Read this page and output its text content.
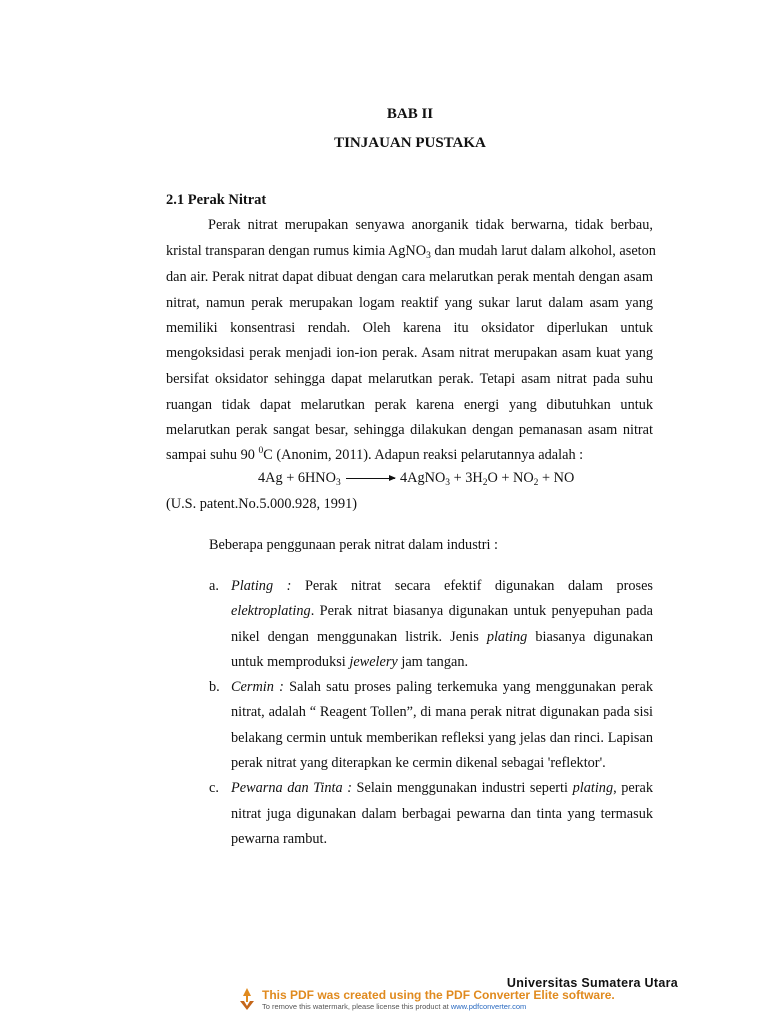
BAB II
TINJAUAN PUSTAKA
2.1 Perak Nitrat
Perak nitrat merupakan senyawa anorganik tidak berwarna, tidak berbau,
kristal transparan dengan rumus kimia AgNO$_3$ dan mudah larut dalam alkohol, aseton
dan air. Perak nitrat dapat dibuat dengan cara melarutkan perak mentah dengan asam
nitrat, namun perak merupakan logam reaktif yang sukar larut dalam asam yang
memiliki konsentrasi rendah. Oleh karena itu oksidator diperlukan untuk
mengoksidasi perak menjadi ion-ion perak. Asam nitrat merupakan asam kuat yang
bersifat oksidator sehingga dapat melarutkan perak. Tetapi asam nitrat pada suhu
ruangan tidak dapat melarutkan perak karena energi yang dibutuhkan untuk
melarutkan perak sangat besar, sehingga dilakukan dengan pemanasan asam nitrat
sampai suhu 90 $^0$C (Anonim, 2011). Adapun reaksi pelarutannya adalah :
$4Ag + 6HNO_3$ → 4AgNO$_3$ + $3H_2O + NO_2$ + NO
(U.S. patent.No.5.000.928, 1991)
Beberapa penggunaan perak nitrat dalam industri :
a. Plating : Perak nitrat secara efektif digunakan dalam proses
elektroplating. Perak nitrat biasanya digunakan untuk penyepuhan pada
nikel dengan menggunakan listrik. Jenis plating biasanya digunakan
untuk memproduksi jewelery jam tangan.
b. Cermin : Salah satu proses paling terkemuka yang menggunakan perak
nitrat, adalah “ Reagent Tollen”, di mana perak nitrat digunakan pada sisi
belakang cermin untuk memberikan refleksi yang jelas dan rinci. Lapisan
perak nitrat yang diterapkan ke cermin dikenal sebagai 'reflektor'.
c. Pewarna dan Tinta : Selain menggunakan industri seperti plating, perak
nitrat juga digunakan dalam berbagai pewarna dan tinta yang termasuk
pewarna rambut.
Universitas Sumatera Utara
This PDF was created using the PDF Converter Elite software.
To remove this watermark, please license this product at www.pdfconverter.com
